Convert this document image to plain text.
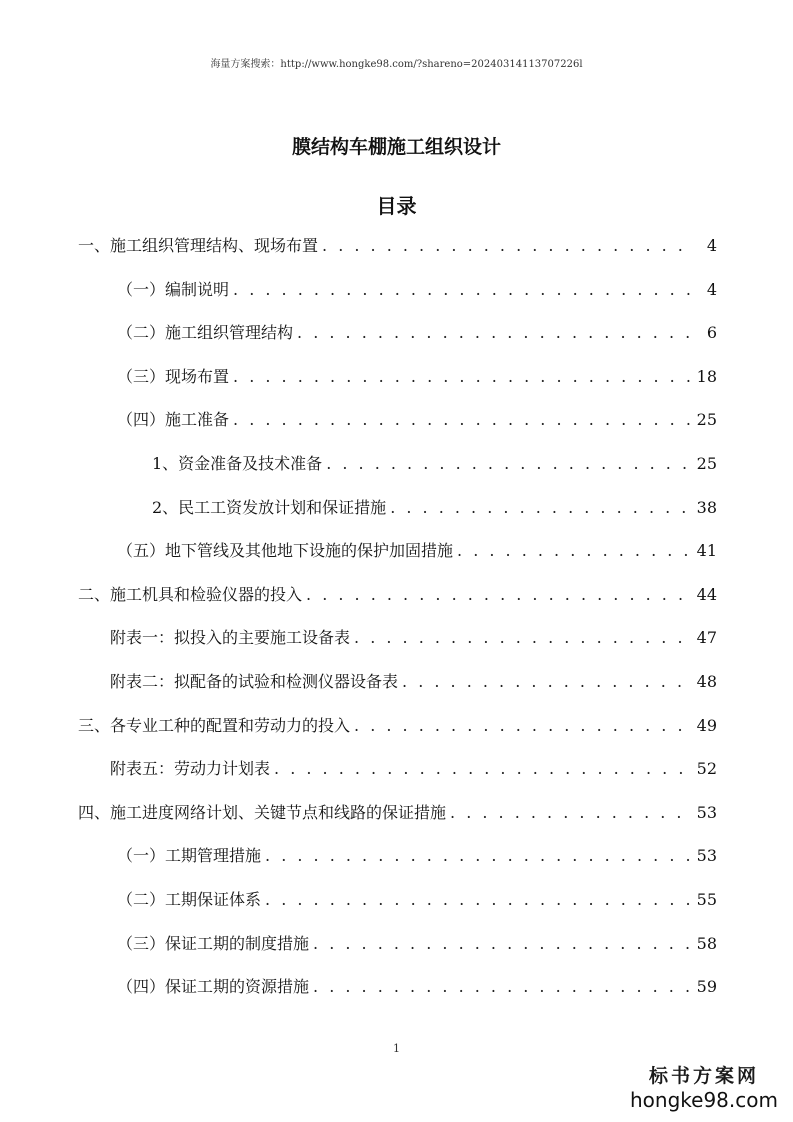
海量方案搜索：http://www.hongke98.com/?shareno=20240314113707226l
膜结构车棚施工组织设计
目录
一、施工组织管理结构、现场布置 . . .	4
（一）编制说明 . . .	4
（二）施工组织管理结构 . . .	6
（三）现场布置 . . .	18
（四）施工准备 . . .	25
1、资金准备及技术准备 . . .	25
2、民工工资发放计划和保证措施 . . .	38
（五）地下管线及其他地下设施的保护加固措施 . . .	41
二、施工机具和检验仪器的投入 . . .	44
附表一：拟投入的主要施工设备表 . . .	47
附表二：拟配备的试验和检测仪器设备表 . . .	48
三、各专业工种的配置和劳动力的投入 . . .	49
附表五：劳动力计划表 . . .	52
四、施工进度网络计划、关键节点和线路的保证措施 . . .	53
（一）工期管理措施 . . .	53
（二）工期保证体系 . . .	55
（三）保证工期的制度措施 . . .	58
（四）保证工期的资源措施 . . .	59
1
标书方案网
hongke98.com
